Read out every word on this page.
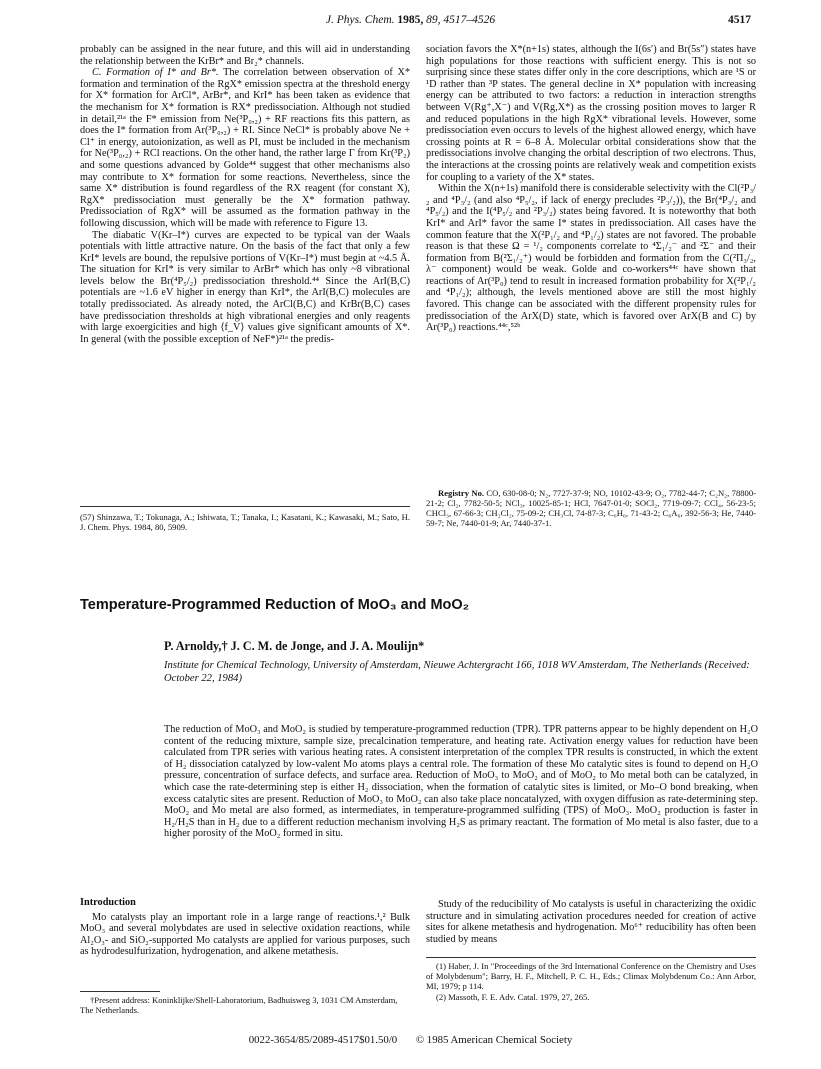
J. Phys. Chem. 1985, 89, 4517–4526	4517

probably can be assigned in the near future, and this will aid in understanding the relationship between the KrBr* and Br₂* channels.

C. Formation of I* and Br*. The correlation between observation of X* formation and termination of the RgX* emission spectra at the threshold energy for X* formation for ArCl*, ArBr*, and KrI* has been taken as evidence that the mechanism for X* formation is RX* predissociation. Although not studied in detail,²¹ᵃ the F* emission from Ne(³P₀,₂) + RF reactions fits this pattern, as does the I* formation from Ar(³P₀,₂) + RI. Since NeCl* is probably above Ne + Cl⁺ in energy, autoionization, as well as PI, must be included in the mechanism for Ne(³P₀,₂) + RCl reactions. On the other hand, the rather large Γ from Kr(³P₂) and some questions advanced by Golde⁴⁴ suggest that other mechanisms also may contribute to X* formation for some reactions. Nevertheless, since the same X* distribution is found regardless of the RX reagent (for constant X), RgX* predissociation must generally be the X* formation pathway. Predissociation of RgX* will be assumed as the formation pathway in the following discussion, which will be made with reference to Figure 13.

The diabatic V(Kr–I*) curves are expected to be typical van der Waals potentials with little attractive nature. On the basis of the fact that only a few KrI* levels are bound, the repulsive portions of V(Kr–I*) must begin at ~4.5 Å. The situation for KrI* is very similar to ArBr* which has only ~8 vibrational levels below the Br(⁴P₅/₂) predissociation threshold.⁴⁴ Since the ArI(B,C) potentials are ~1.6 eV higher in energy than KrI*, the ArI(B,C) molecules are totally predissociated. As already noted, the ArCl(B,C) and KrBr(B,C) cases have predissociation thresholds at high vibrational energies and only reagents with large exoergicities and high ⟨f_V⟩ values give significant amounts of X*. In general (with the possible exception of NeF*)²¹ᵃ the predis-

(57) Shinzawa, T.; Tokunaga, A.; Ishiwata, T.; Tanaka, I.; Kasatani, K.; Kawasaki, M.; Sato, H. J. Chem. Phys. 1984, 80, 5909.

sociation favors the X*(n+1s) states, although the I(6s′) and Br(5s″) states have high populations for those reactions with sufficient energy. This is not so surprising since these states differ only in the core descriptions, which are ¹S or ¹D rather than ³P states. The general decline in X* population with increasing energy can be attributed to two factors: a reduction in interaction strengths between V(Rg⁺,X⁻) and V(Rg,X*) as the crossing position moves to larger R and reduced populations in the high RgX* vibrational levels. However, some predissociation even occurs to levels of the highest allowed energy, which have crossing points at R = 6–8 Å. Molecular orbital considerations show that the predissociations involve changing the orbital description of two electrons. Thus, the interactions at the crossing points are relatively weak and competition exists for coupling to a variety of the X* states.

Within the X(n+1s) manifold there is considerable selectivity with the Cl(²P₃/₂ and ⁴P₃/₂ (and also ⁴P₅/₂, if lack of energy precludes ²P₃/₂)), the Br(⁴P₃/₂ and ⁴P₅/₂) and the I(⁴P₅/₂ and ²P₃/₂) states being favored. It is noteworthy that both KrI* and ArI* favor the same I* states in predissociation. All cases have the common feature that the X(²P₁/₂ and ⁴P₁/₂) states are not favored. The probable reason is that these Ω = ¹/₂ components correlate to ⁴Σ₁/₂⁻ and ²Σ⁻ and their formation from B(²Σ₁/₂⁺) would be forbidden and formation from the C(²Π₃/₂, λ⁻ component) would be weak. Golde and co-workers⁴⁴ᶜ have shown that reactions of Ar(³P₀) tend to result in increased formation probability for X(²P₁/₂ and ⁴P₁/₂); although, the levels mentioned above are still the most highly favored. This change can be associated with the different propensity rules for predissociation of the ArX(D) state, which is favored over ArX(B and C) by Ar(³P₀) reactions.⁴⁴ᶜ,⁵²ᵇ

Registry No. CO, 630-08-0; N₂, 7727-37-9; NO, 10102-43-9; O₂, 7782-44-7; C₂N₂, 78800-21-2; Cl₂, 7782-50-5; NCl₃, 10025-85-1; HCl, 7647-01-0; SOCl₂, 7719-09-7; CCl₄, 56-23-5; CHCl₃, 67-66-3; CH₂Cl₂, 75-09-2; CH₃Cl, 74-87-3; C₆H₆, 71-43-2; C₆A₆, 392-56-3; He, 7440-59-7; Ne, 7440-01-9; Ar, 7440-37-1.
Temperature-Programmed Reduction of MoO₃ and MoO₂
P. Arnoldy,† J. C. M. de Jonge, and J. A. Moulijn*
Institute for Chemical Technology, University of Amsterdam, Nieuwe Achtergracht 166, 1018 WV Amsterdam, The Netherlands (Received: October 22, 1984)
The reduction of MoO₃ and MoO₂ is studied by temperature-programmed reduction (TPR). TPR patterns appear to be highly dependent on H₂O content of the reducing mixture, sample size, precalcination temperature, and heating rate. Activation energy values for reduction have been calculated from TPR series with various heating rates. A consistent interpretation of the complex TPR results is constructed, in which the extent of H₂ dissociation catalyzed by low-valent Mo atoms plays a central role. The formation of these Mo catalytic sites is found to depend on H₂O pressure, concentration of surface defects, and surface area. Reduction of MoO₃ to MoO₂ and of MoO₂ to Mo metal both can be catalyzed, in which case the rate-determining step is either H₂ dissociation, when the formation of catalytic sites is limited, or Mo–O bond breaking, when excess catalytic sites are present. Reduction of MoO₃ to MoO₂ can also take place noncatalyzed, with oxygen diffusion as rate-determining step. MoO₂ and Mo metal are also formed, as intermediates, in temperature-programmed sulfiding (TPS) of MoO₃. MoO₂ production is faster in H₂/H₂S than in H₂ due to a different reduction mechanism involving H₂S as primary reactant. The formation of Mo metal is also faster, due to a higher porosity of the MoO₂ formed in situ.
Introduction

Mo catalysts play an important role in a large range of reactions.¹,² Bulk MoO₃ and several molybdates are used in selective oxidation reactions, while Al₂O₃- and SiO₂-supported Mo catalysts are applied for various purposes, such as hydrodesulfurization, hydrogenation, and alkene metathesis.

†Present address: Koninklijke/Shell-Laboratorium, Badhuisweg 3, 1031 CM Amsterdam, The Netherlands.

Study of the reducibility of Mo catalysts is useful in characterizing the oxidic structure and in simulating activation procedures needed for creation of active sites for alkene metathesis and hydrogenation. Mo⁶⁺ reducibility has often been studied by means

(1) Haber, J. In "Proceedings of the 3rd International Conference on the Chemistry and Uses of Molybdenum"; Barry, H. F., Mitchell, P. C. H., Eds.; Climax Molybdenum Co.: Ann Arbor, MI, 1979; p 114.
(2) Massoth, F. E. Adv. Catal. 1979, 27, 265.
0022-3654/85/2089-4517$01.50/0 © 1985 American Chemical Society
